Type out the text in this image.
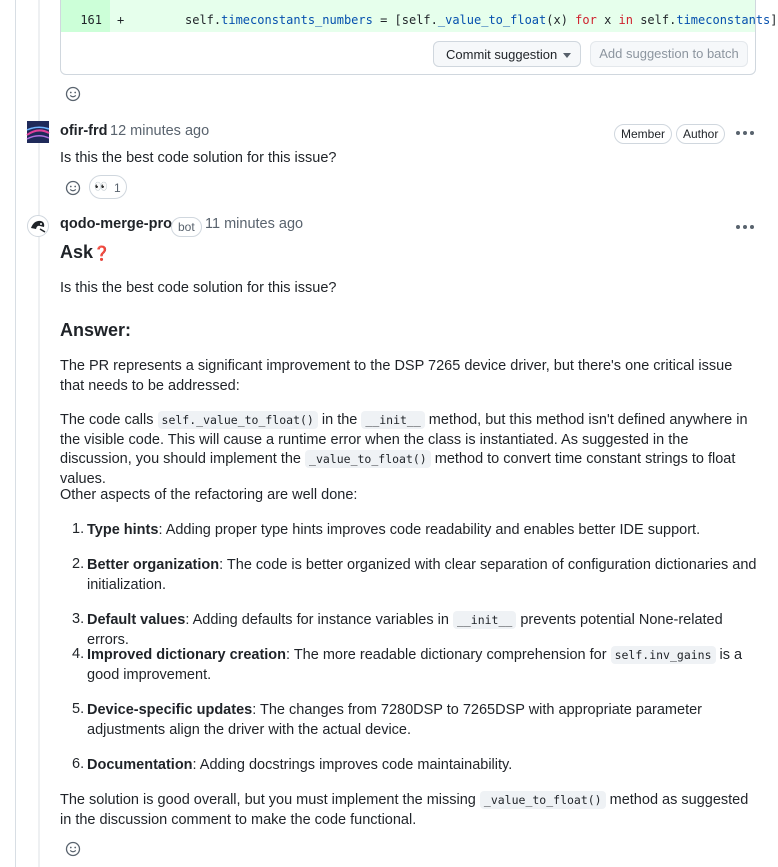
161 +	self.timeconstants_numbers = [self._value_to_float(x) for x in self.timeconstants]
Commit suggestion	Add suggestion to batch
ofir-frd 12 minutes ago	Member	Author
Is this the best code solution for this issue?
👀 1
qodo-merge-pro bot 11 minutes ago
Ask❓
Is this the best code solution for this issue?
Answer:
The PR represents a significant improvement to the DSP 7265 device driver, but there's one critical issue that needs to be addressed:
The code calls self._value_to_float() in the __init__ method, but this method isn't defined anywhere in the visible code. This will cause a runtime error when the class is instantiated. As suggested in the discussion, you should implement the _value_to_float() method to convert time constant strings to float values.
Other aspects of the refactoring are well done:
1. Type hints: Adding proper type hints improves code readability and enables better IDE support.
2. Better organization: The code is better organized with clear separation of configuration dictionaries and initialization.
3. Default values: Adding defaults for instance variables in __init__ prevents potential None-related errors.
4. Improved dictionary creation: The more readable dictionary comprehension for self.inv_gains is a good improvement.
5. Device-specific updates: The changes from 7280DSP to 7265DSP with appropriate parameter adjustments align the driver with the actual device.
6. Documentation: Adding docstrings improves code maintainability.
The solution is good overall, but you must implement the missing _value_to_float() method as suggested in the discussion comment to make the code functional.
